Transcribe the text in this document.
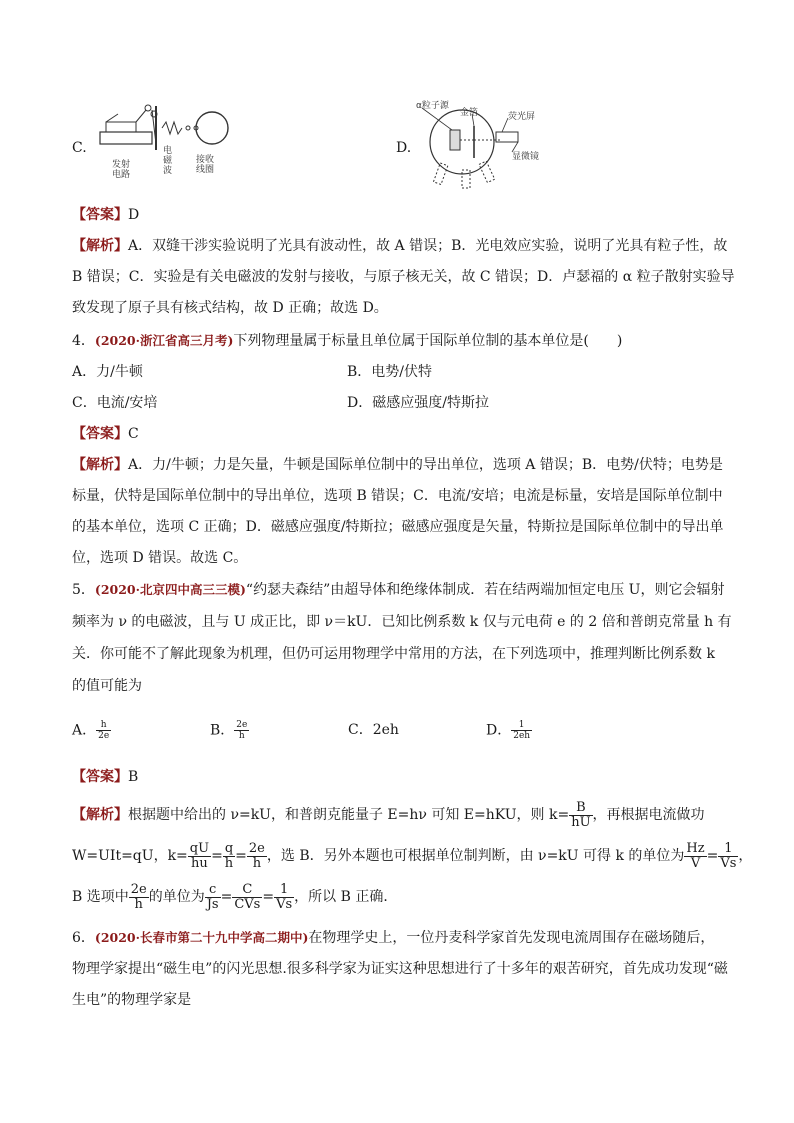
C.
发射
电路
电
磁
波
接收
线圈
D.
α粒子源
金箔	荧光屏
显微镜
【答案】D
【解析】A．双缝干涉实验说明了光具有波动性，故 A 错误；B．光电效应实验，说明了光具有粒子性，故
B 错误；C．实验是有关电磁波的发射与接收，与原子核无关，故 C 错误；D．卢瑟福的 α 粒子散射实验导
致发现了原子具有核式结构，故 D 正确；故选 D。
4．(2020·浙江省高三月考)下列物理量属于标量且单位属于国际单位制的基本单位是(　　)
A．力/牛顿	B．电势/伏特
C．电流/安培	D．磁感应强度/特斯拉
【答案】C
【解析】A．力/牛顿；力是矢量，牛顿是国际单位制中的导出单位，选项 A 错误；B．电势/伏特；电势是
标量，伏特是国际单位制中的导出单位，选项 B 错误；C．电流/安培；电流是标量，安培是国际单位制中
的基本单位，选项 C 正确；D．磁感应强度/特斯拉；磁感应强度是矢量，特斯拉是国际单位制中的导出单
位，选项 D 错误。故选 C。
5．(2020·北京四中高三三模)“约瑟夫森结”由超导体和绝缘体制成．若在结两端加恒定电压 U，则它会辐射
频率为 ν 的电磁波，且与 U 成正比，即 ν＝kU．已知比例系数 k 仅与元电荷 e 的 2 倍和普朗克常量 h 有
关．你可能不了解此现象为机理，但仍可运用物理学中常用的方法，在下列选项中，推理判断比例系数 k
的值可能为
A． $\frac{h}{2e}$	B． $\frac{2e}{h}$	C．2eh	D． $\frac{1}{2eh}$
【答案】B
【解析】根据题中给出的 ν=kU，和普朗克能量子 E=hν 可知 E=hKU，则 $k= \frac{B}{hU}$ ，再根据电流做功
W=UIt=qU，$k= \frac{qU}{hu} = \frac{q}{h} = \frac{2e}{h}$ ，选 B．另外本题也可根据单位制判断，由 ν=kU 可得 k 的单位为 $\frac{Hz}{V} = \frac{1}{Vs}$ ，
B 选项中 $\frac{2e}{h}$ 的单位为 $\frac{c}{Js} = \frac{C}{\text{CVs}} = \frac{1}{Vs}$ ，所以 B 正确．
6．(2020·长春市第二十九中学高二期中)在物理学史上，一位丹麦科学家首先发现电流周围存在磁场随后，
物理学家提出“磁生电”的闪光思想.很多科学家为证实这种思想进行了十多年的艰苦研究，首先成功发现“磁
生电”的物理学家是
